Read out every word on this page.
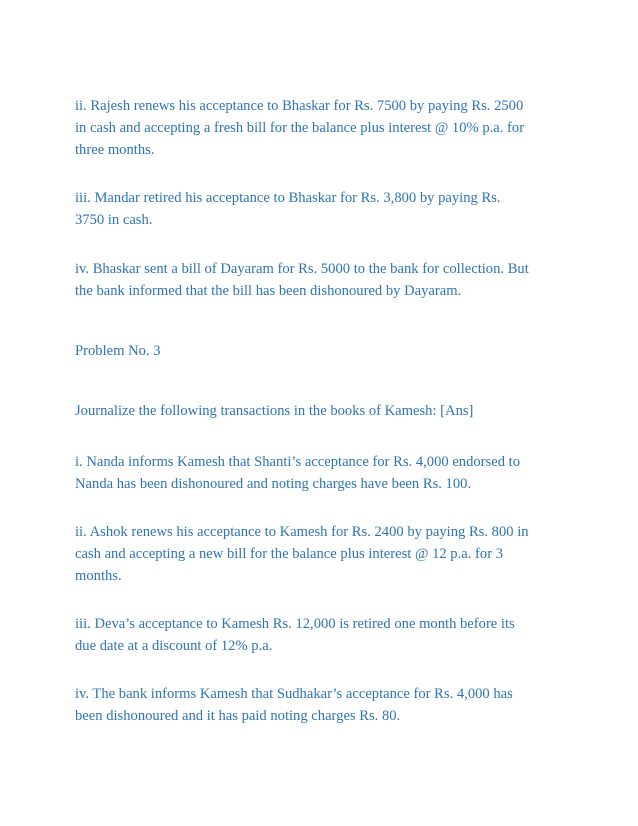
ii. Rajesh renews his acceptance to Bhaskar for Rs. 7500 by paying Rs. 2500
in cash and accepting a fresh bill for the balance plus interest @ 10% p.a. for
three months.

iii. Mandar retired his acceptance to Bhaskar for Rs. 3,800 by paying Rs.
3750 in cash.

iv. Bhaskar sent a bill of Dayaram for Rs. 5000 to the bank for collection. But
the bank informed that the bill has been dishonoured by Dayaram.

Problem No. 3

Journalize the following transactions in the books of Kamesh: [Ans]

i. Nanda informs Kamesh that Shanti’s acceptance for Rs. 4,000 endorsed to
Nanda has been dishonoured and noting charges have been Rs. 100.

ii. Ashok renews his acceptance to Kamesh for Rs. 2400 by paying Rs. 800 in
cash and accepting a new bill for the balance plus interest @ 12 p.a. for 3
months.

iii. Deva’s acceptance to Kamesh Rs. 12,000 is retired one month before its
due date at a discount of 12% p.a.

iv. The bank informs Kamesh that Sudhakar’s acceptance for Rs. 4,000 has
been dishonoured and it has paid noting charges Rs. 80.
